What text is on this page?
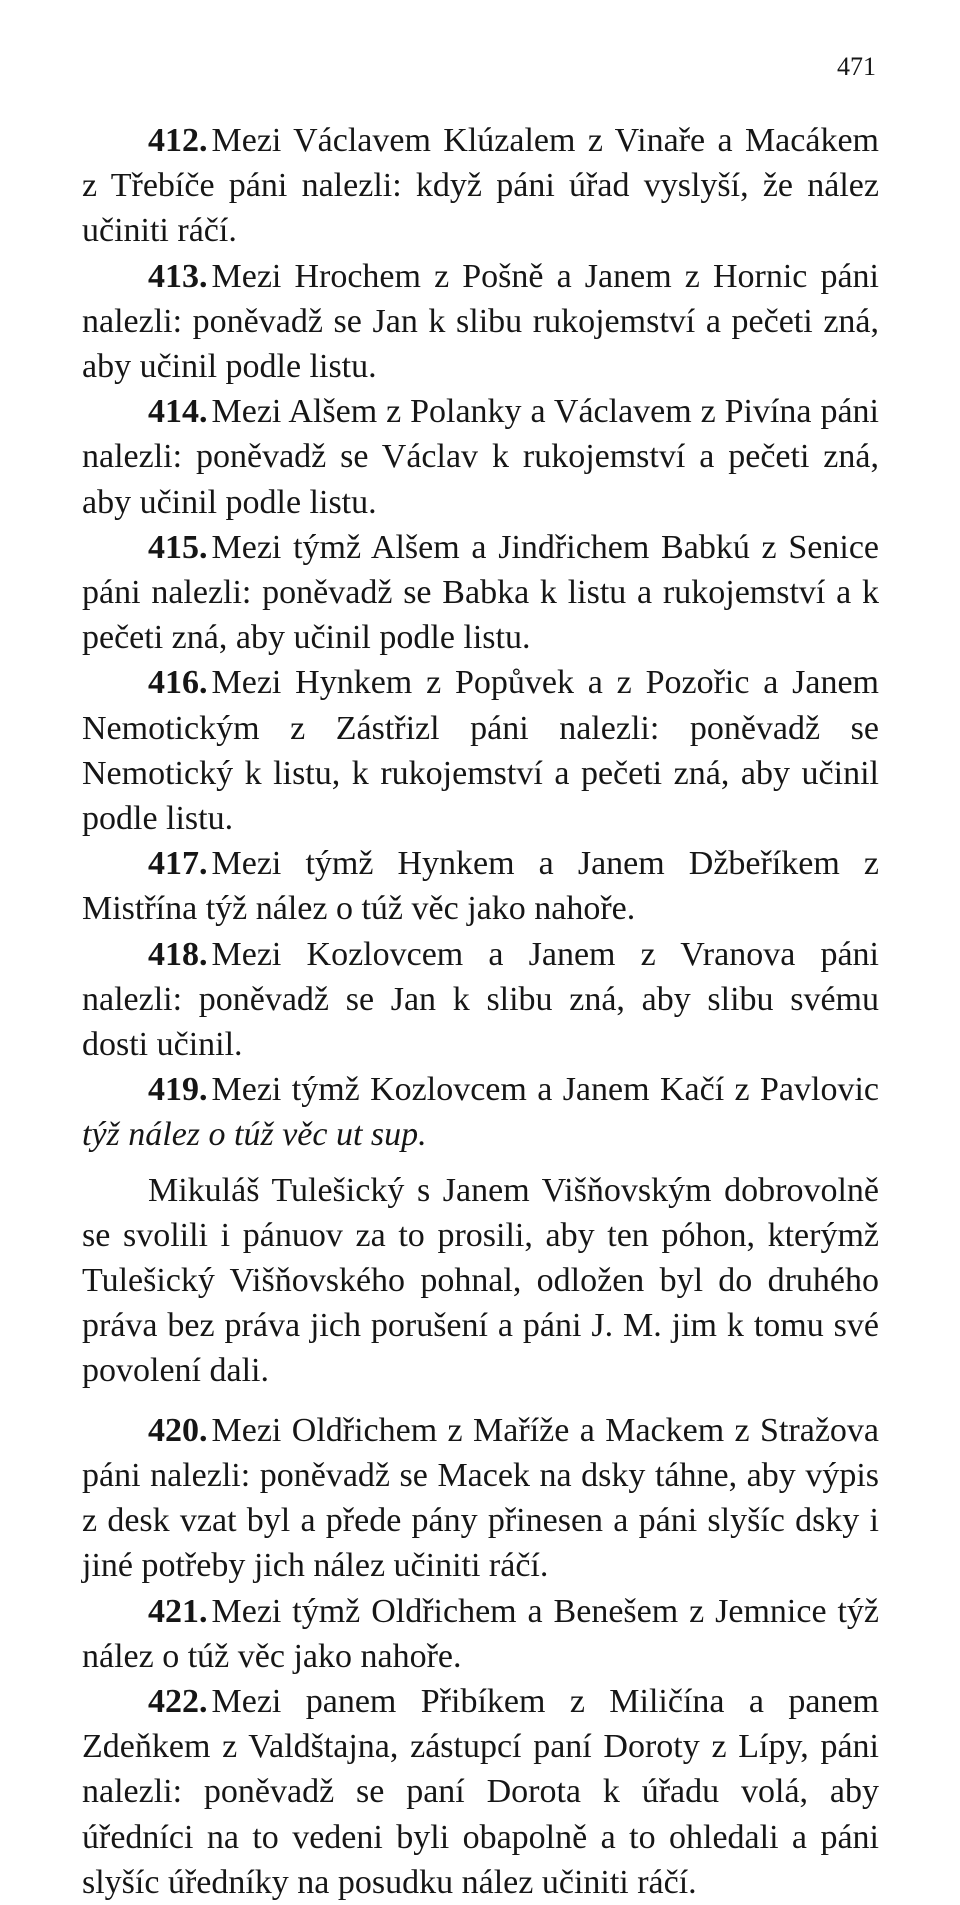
471

412. Mezi Václavem Klúzalem z Vinaře a Macákem z Třebíče páni nalezli: když páni úřad vyslyší, že nález učiniti ráčí.

413. Mezi Hrochem z Pošně a Janem z Hornic páni nalezli: poněvadž se Jan k slibu rukojemství a pečeti zná, aby učinil podle listu.

414. Mezi Alšem z Polanky a Václavem z Pivína páni nalezli: poněvadž se Václav k rukojemství a pečeti zná, aby učinil podle listu.

415. Mezi týmž Alšem a Jindřichem Babkú z Senice páni nalezli: poněvadž se Babka k listu a rukojemství a k pečeti zná, aby učinil podle listu.

416. Mezi Hynkem z Popůvek a z Pozořic a Janem Nemotickým z Zástřizl páni nalezli: poněvadž se Nemotický k listu, k rukojemství a pečeti zná, aby učinil podle listu.

417. Mezi týmž Hynkem a Janem Džbeříkem z Mistřína týž nález o túž věc jako nahoře.

418. Mezi Kozlovcem a Janem z Vranova páni nalezli: poněvadž se Jan k slibu zná, aby slibu svému dosti učinil.

419. Mezi týmž Kozlovcem a Janem Kačí z Pavlovic týž nález o túž věc ut sup.

Mikuláš Tulešický s Janem Višňovským dobrovolně se svolili i pánuov za to prosili, aby ten póhon, kterýmž Tulešický Višňovského pohnal, odložen byl do druhého práva bez práva jich porušení a páni J. M. jim k tomu své povolení dali.

420. Mezi Oldřichem z Maříže a Mackem z Stražova páni nalezli: poněvadž se Macek na dsky táhne, aby výpis z desk vzat byl a přede pány přinesen a páni slyšíc dsky i jiné potřeby jich nález učiniti ráčí.

421. Mezi týmž Oldřichem a Benešem z Jemnice týž nález o túž věc jako nahoře.

422. Mezi panem Přibíkem z Miličína a panem Zdeňkem z Valdštajna, zástupcí paní Doroty z Lípy, páni nalezli: poněvadž se paní Dorota k úřadu volá, aby úředníci na to vedeni byli obapolně a to ohledali a páni slyšíc úředníky na posudku nález učiniti ráčí.
